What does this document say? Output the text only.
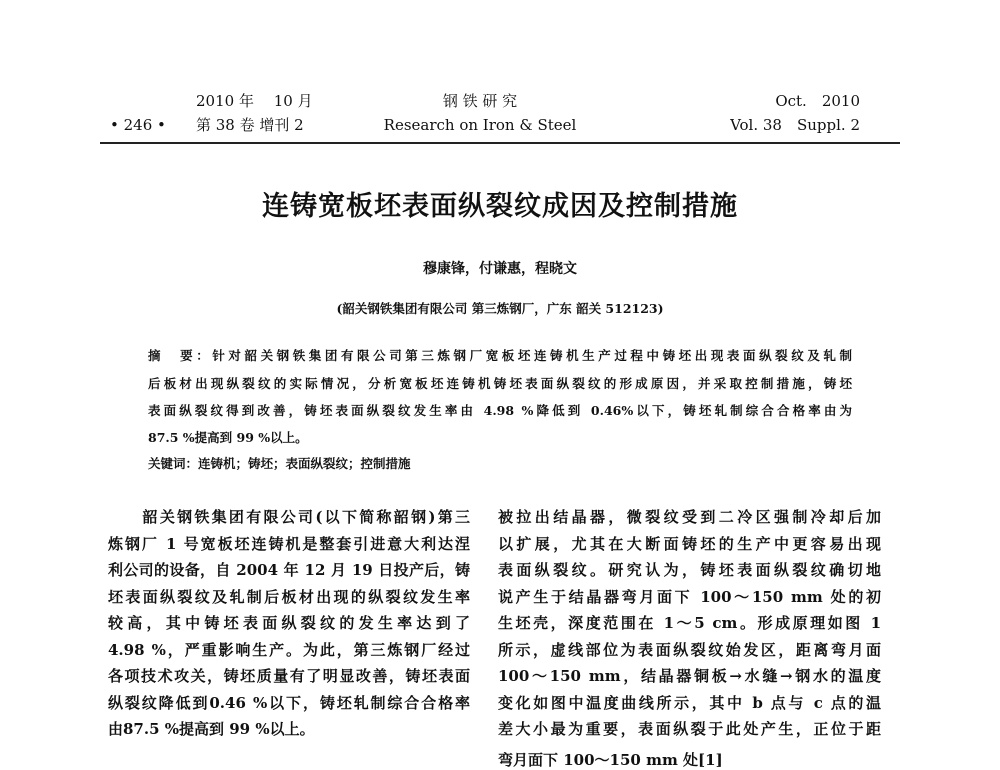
2010 年　 10 月
• 246 • 第 38 卷 增刊 2
钢 铁 研 究
Research on Iron & Steel
Oct.　2010
Vol. 38　Suppl. 2
连铸宽板坯表面纵裂纹成因及控制措施
穆康锋，付谦惠，程晓文
(韶关钢铁集团有限公司 第三炼钢厂，广东 韶关 512123)
摘　要：针对韶关钢铁集团有限公司第三炼钢厂宽板坯连铸机生产过程中铸坯出现表面纵裂纹及轧制
后板材出现纵裂纹的实际情况，分析宽板坯连铸机铸坯表面纵裂纹的形成原因，并采取控制措施，铸坯
表面纵裂纹得到改善，铸坯表面纵裂纹发生率由 4.98 %降低到 0.46%以下，铸坯轧制综合合格率由为
87.5 %提高到 99 %以上。
关键词：连铸机；铸坯；表面纵裂纹；控制措施
　　韶关钢铁集团有限公司(以下简称韶钢)第三
炼钢厂 1 号宽板坯连铸机是整套引进意大利达涅
利公司的设备，自 2004 年 12 月 19 日投产后，铸
坯表面纵裂纹及轧制后板材出现的纵裂纹发生率
较高，其中铸坯表面纵裂纹的发生率达到了
4.98 %，严重影响生产。为此，第三炼钢厂经过
各项技术攻关，铸坯质量有了明显改善，铸坯表面
纵裂纹降低到0.46 %以下，铸坯轧制综合合格率
由87.5 %提高到 99 %以上。
被拉出结晶器，微裂纹受到二冷区强制冷却后加
以扩展，尤其在大断面铸坯的生产中更容易出现
表面纵裂纹。研究认为，铸坯表面纵裂纹确切地
说产生于结晶器弯月面下 100～150 mm 处的初
生坯壳，深度范围在 1～5 cm。形成原理如图 1
所示，虚线部位为表面纵裂纹始发区，距离弯月面
100～150 mm，结晶器铜板→水缝→钢水的温度
变化如图中温度曲线所示，其中 b 点与 c 点的温
差大小最为重要，表面纵裂于此处产生，正位于距
弯月面下 100～150 mm 处[1]
